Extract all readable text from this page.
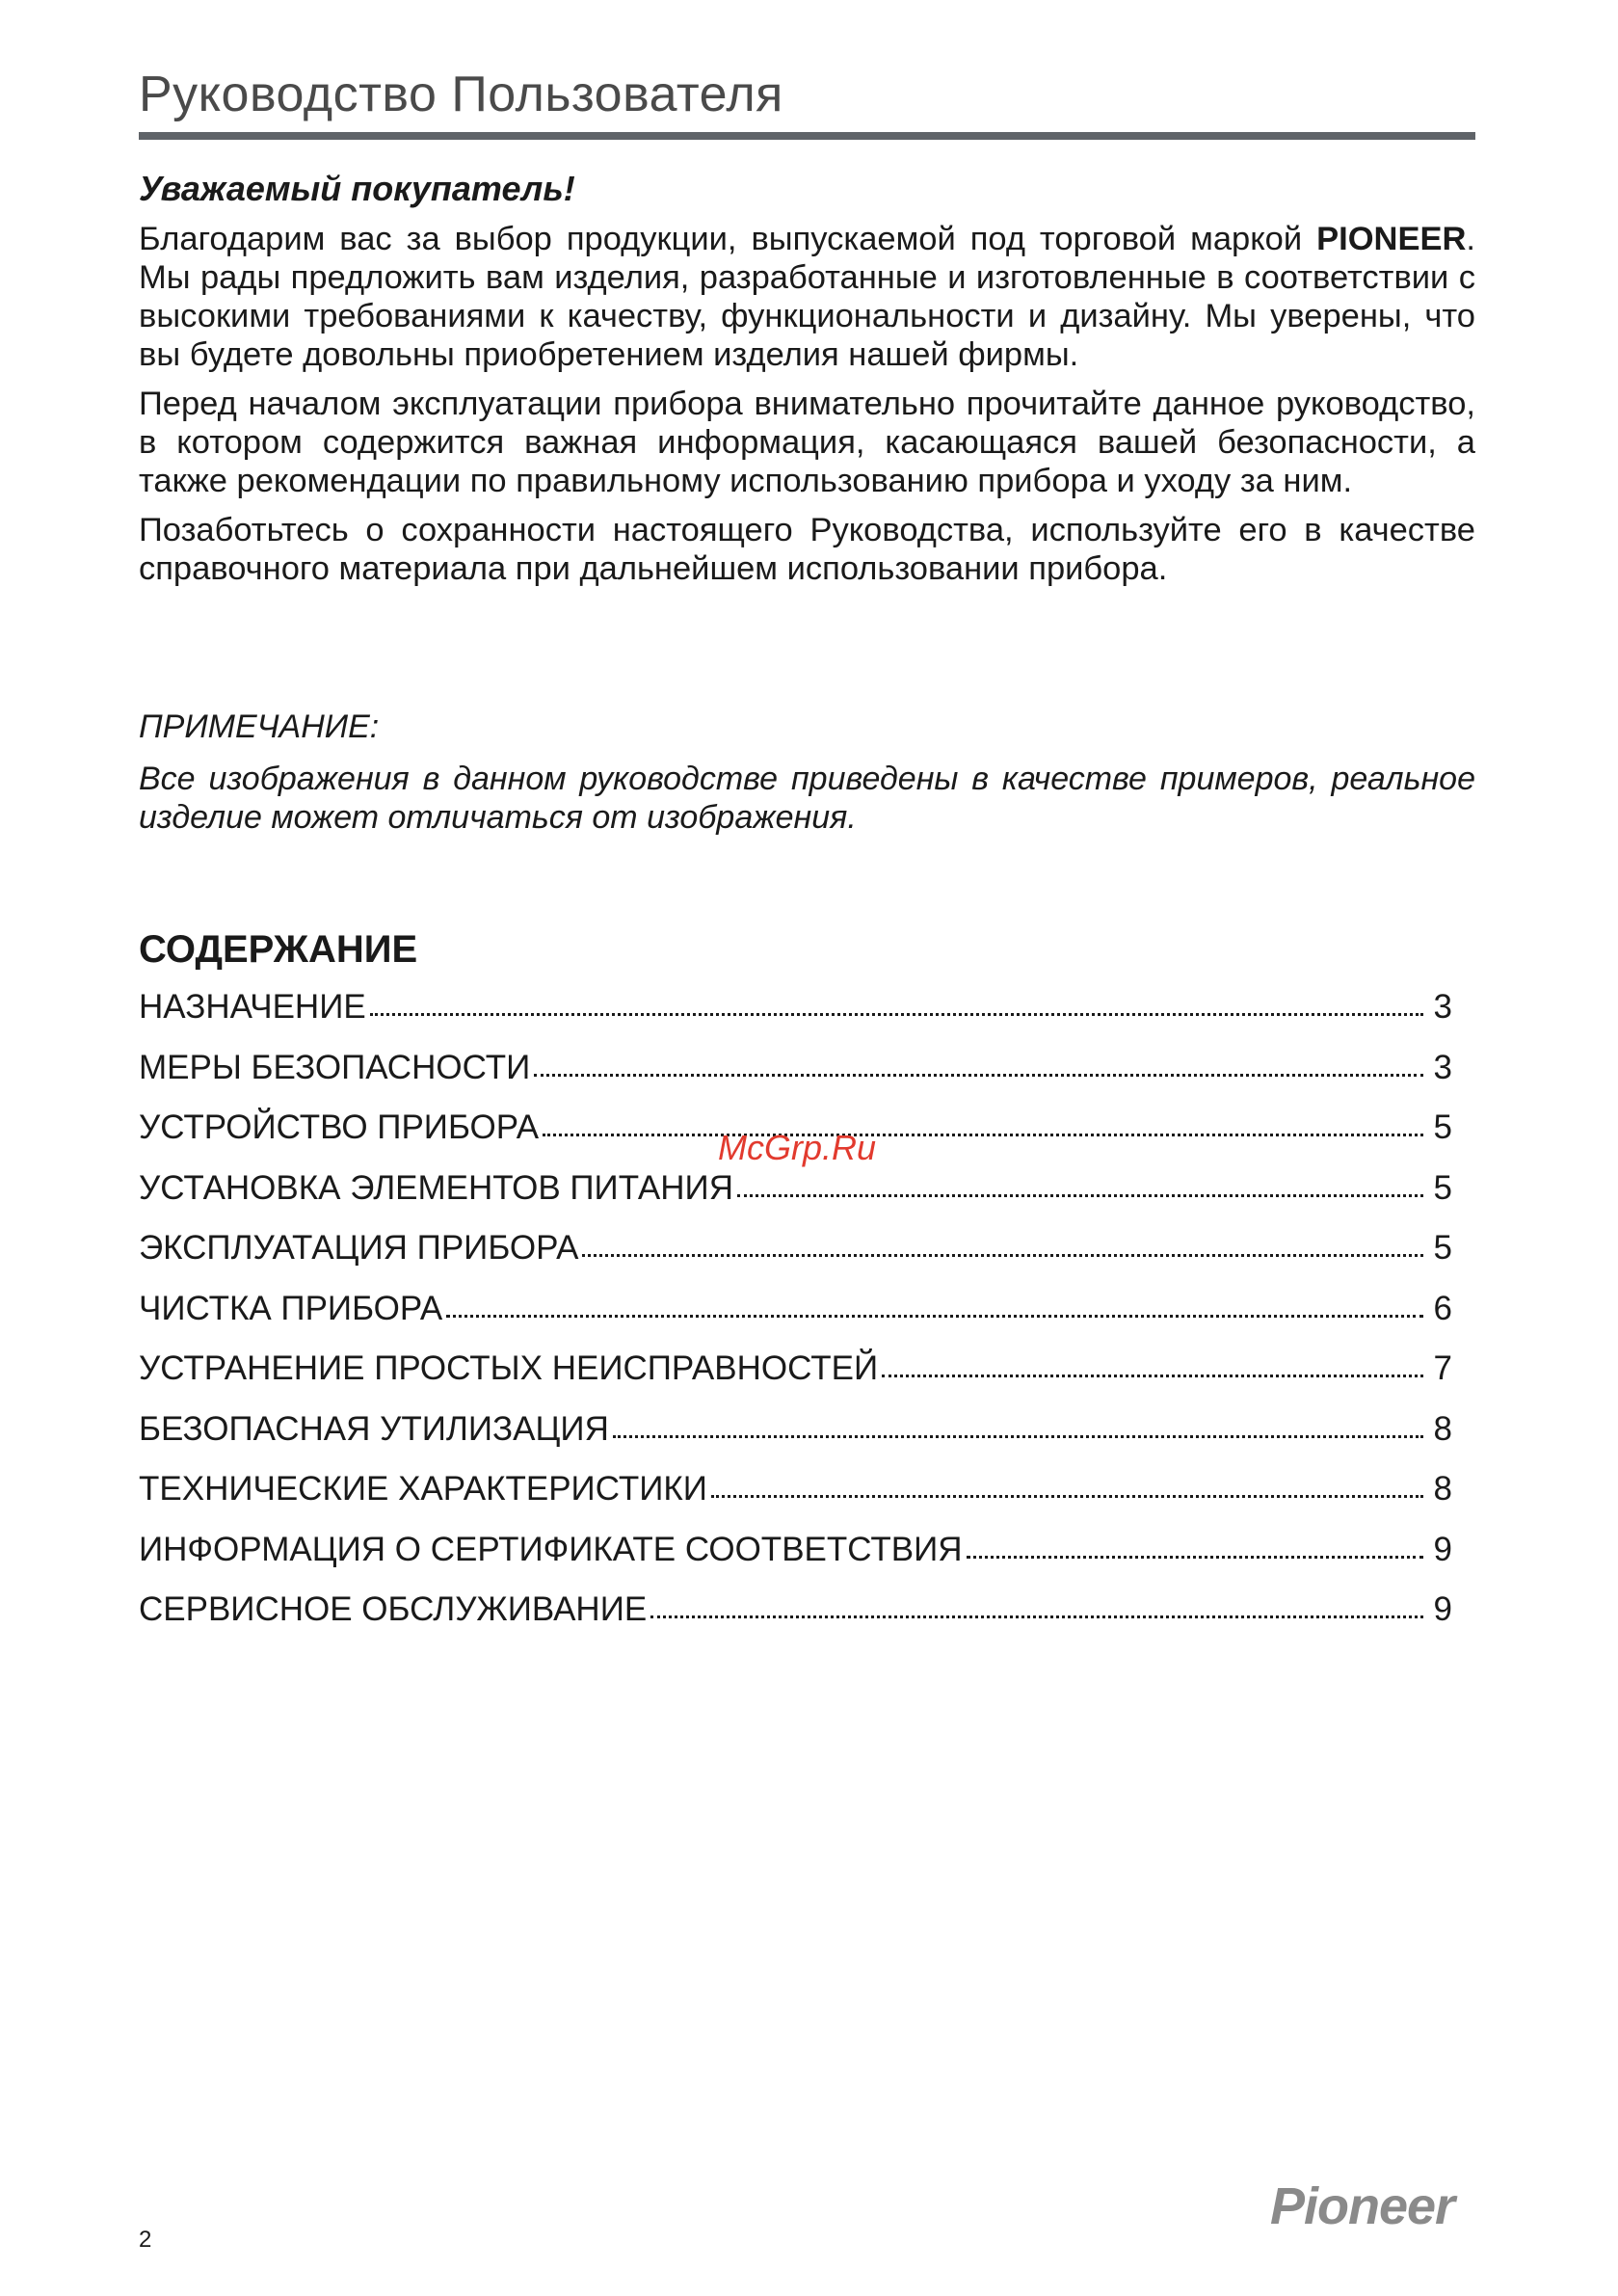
Руководство Пользователя
Уважаемый покупатель!

Благодарим вас за выбор продукции, выпускаемой под торговой маркой PIONEER. Мы рады предложить вам изделия, разработанные и изготовленные в соответствии с высокими требованиями к качеству, функциональности и дизайну. Мы уверены, что вы будете довольны приобретением изделия нашей фирмы.

Перед началом эксплуатации прибора внимательно прочитайте данное руководство, в котором содержится важная информация, касающаяся вашей безопасности, а также рекомендации по правильному использованию прибора и уходу за ним.

Позаботьтесь о сохранности настоящего Руководства, используйте его в качестве справочного материала при дальнейшем использовании прибора.

ПРИМЕЧАНИЕ:
Все изображения в данном руководстве приведены в качестве примеров, реальное изделие может отличаться от изображения.
СОДЕРЖАНИЕ
НАЗНАЧЕНИЕ	3
МЕРЫ БЕЗОПАСНОСТИ	3
УСТРОЙСТВО ПРИБОРА	5
УСТАНОВКА ЭЛЕМЕНТОВ ПИТАНИЯ	5
ЭКСПЛУАТАЦИЯ ПРИБОРА	5
ЧИСТКА ПРИБОРА	6
УСТРАНЕНИЕ ПРОСТЫХ НЕИСПРАВНОСТЕЙ	7
БЕЗОПАСНАЯ УТИЛИЗАЦИЯ	8
ТЕХНИЧЕСКИЕ ХАРАКТЕРИСТИКИ	8
ИНФОРМАЦИЯ О СЕРТИФИКАТЕ СООТВЕТСТВИЯ	9
СЕРВИСНОЕ ОБСЛУЖИВАНИЕ	9
McGrp.Ru
2
Pioneer
